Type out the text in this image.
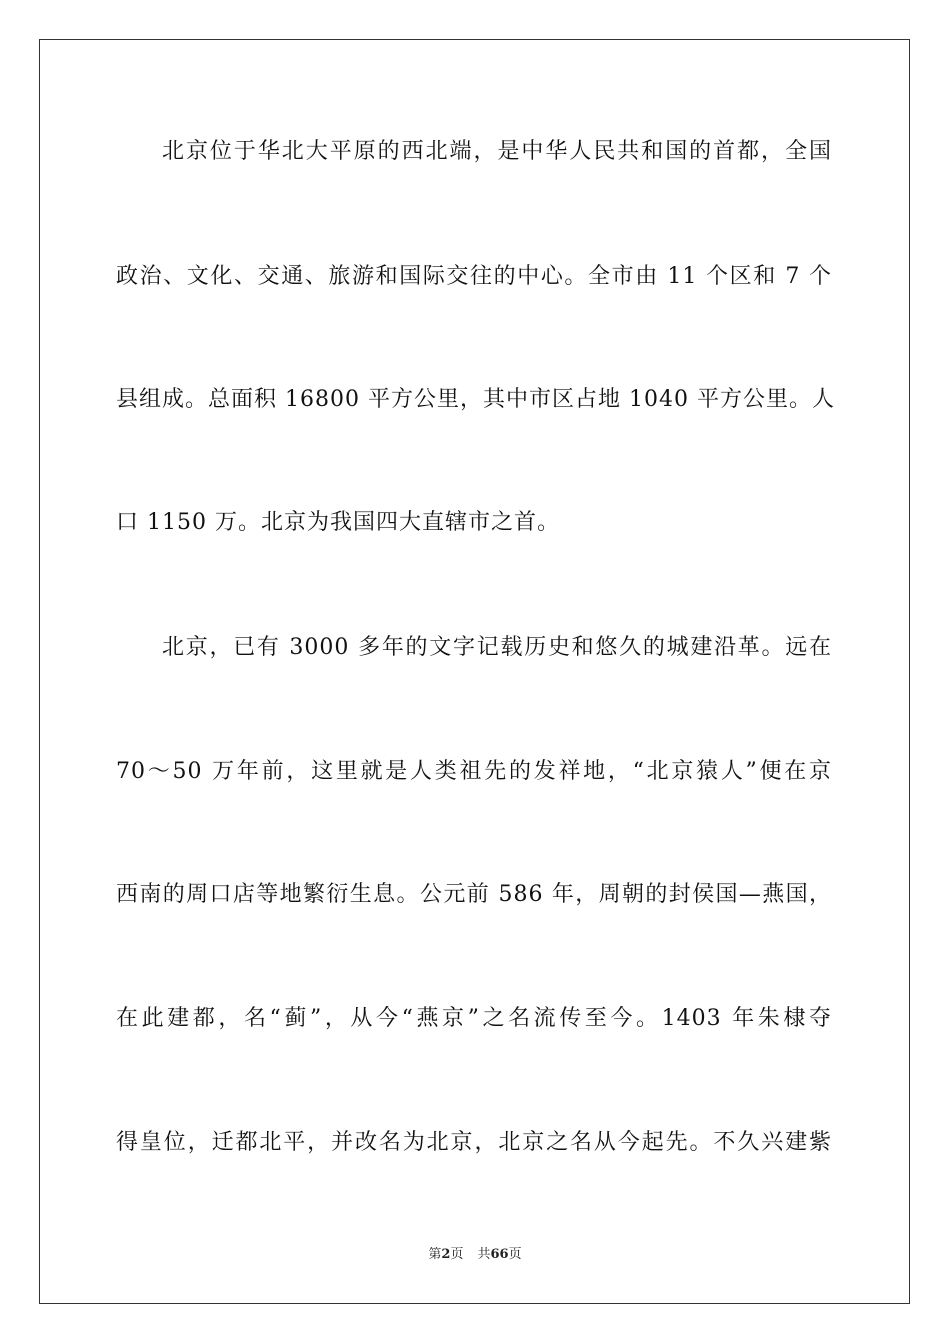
北京位于华北大平原的西北端，是中华人民共和国的首都，全国
政治、文化、交通、旅游和国际交往的中心。全市由 11 个区和 7 个
县组成。总面积 16800 平方公里，其中市区占地 1040 平方公里。人
口 1150 万。北京为我国四大直辖市之首。
北京，已有 3000 多年的文字记载历史和悠久的城建沿革。远在
70～50 万年前，这里就是人类祖先的发祥地，“北京猿人”便在京
西南的周口店等地繁衍生息。公元前 586 年，周朝的封侯国—燕国，
在此建都，名“蓟”，从今“燕京”之名流传至今。1403 年朱棣夺
得皇位，迁都北平，并改名为北京，北京之名从今起先。不久兴建紫
第2页 共66页
